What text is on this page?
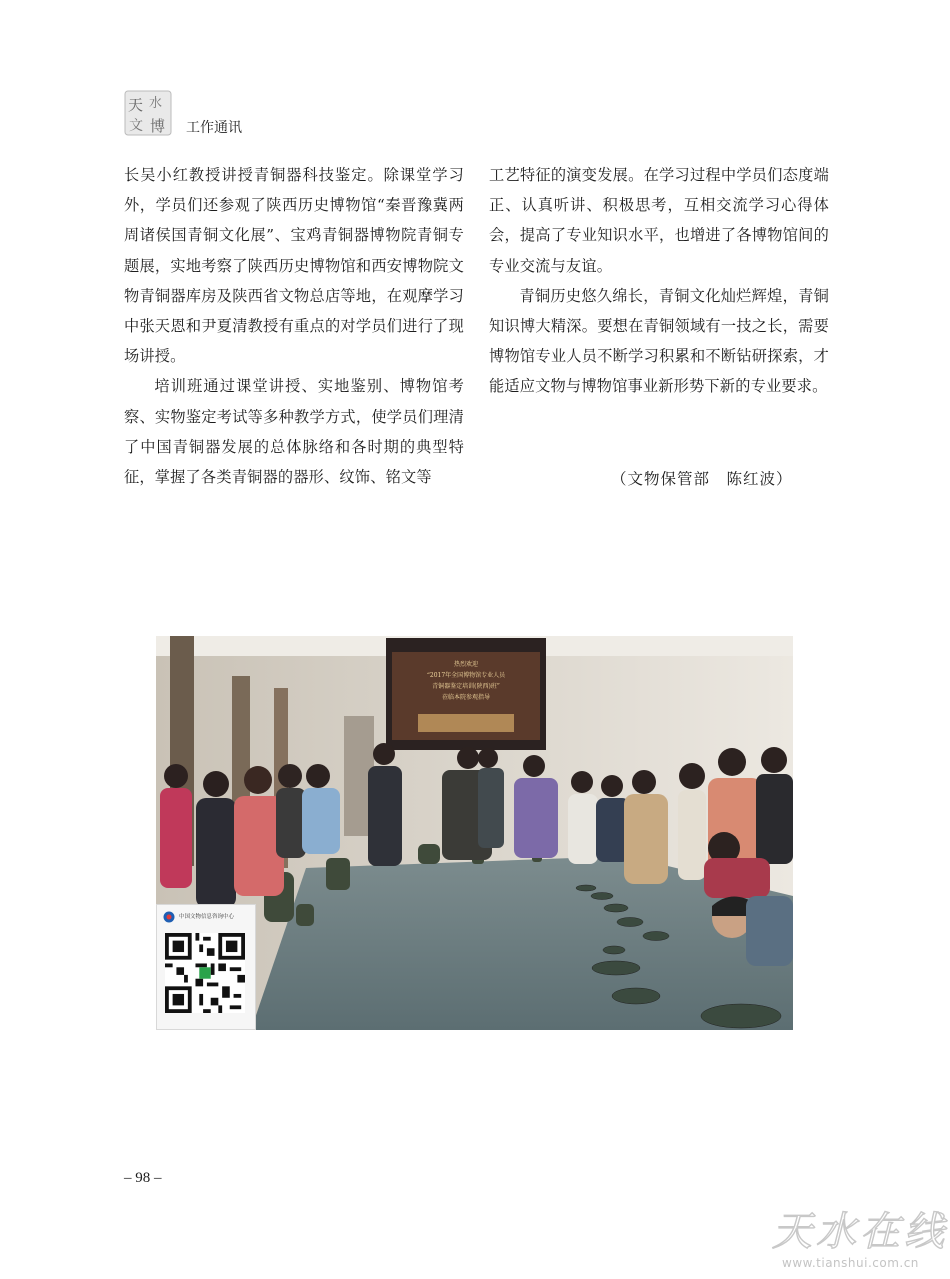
天 水
文 博 工作通讯

长吴小红教授讲授青铜器科技鉴定。除课堂学习外，学员们还参观了陕西历史博物馆“秦晋豫冀两周诸侯国青铜文化展”、宝鸡青铜器博物院青铜专题展，实地考察了陕西历史博物馆和西安博物院文物青铜器库房及陕西省文物总店等地，在观摩学习中张天恩和尹夏清教授有重点的对学员们进行了现场讲授。

培训班通过课堂讲授、实地鉴别、博物馆考察、实物鉴定考试等多种教学方式，使学员们理清了中国青铜器发展的总体脉络和各时期的典型特征，掌握了各类青铜器的器形、纹饰、铭文等

工艺特征的演变发展。在学习过程中学员们态度端正、认真听讲、积极思考，互相交流学习心得体会，提高了专业知识水平，也增进了各博物馆间的专业交流与友谊。

青铜历史悠久绵长，青铜文化灿烂辉煌，青铜知识博大精深。要想在青铜领域有一技之长，需要博物馆专业人员不断学习积累和不断钻研探索，才能适应文物与博物馆事业新形势下新的专业要求。

（文物保管部　陈红波）
热烈欢迎
“2017年全国博物馆专业人员
青铜器鉴定培训(陕西)班”
莅临本院参观指导
中国文物信息咨询中心
– 98 –
天水在线
www.tianshui.com.cn
